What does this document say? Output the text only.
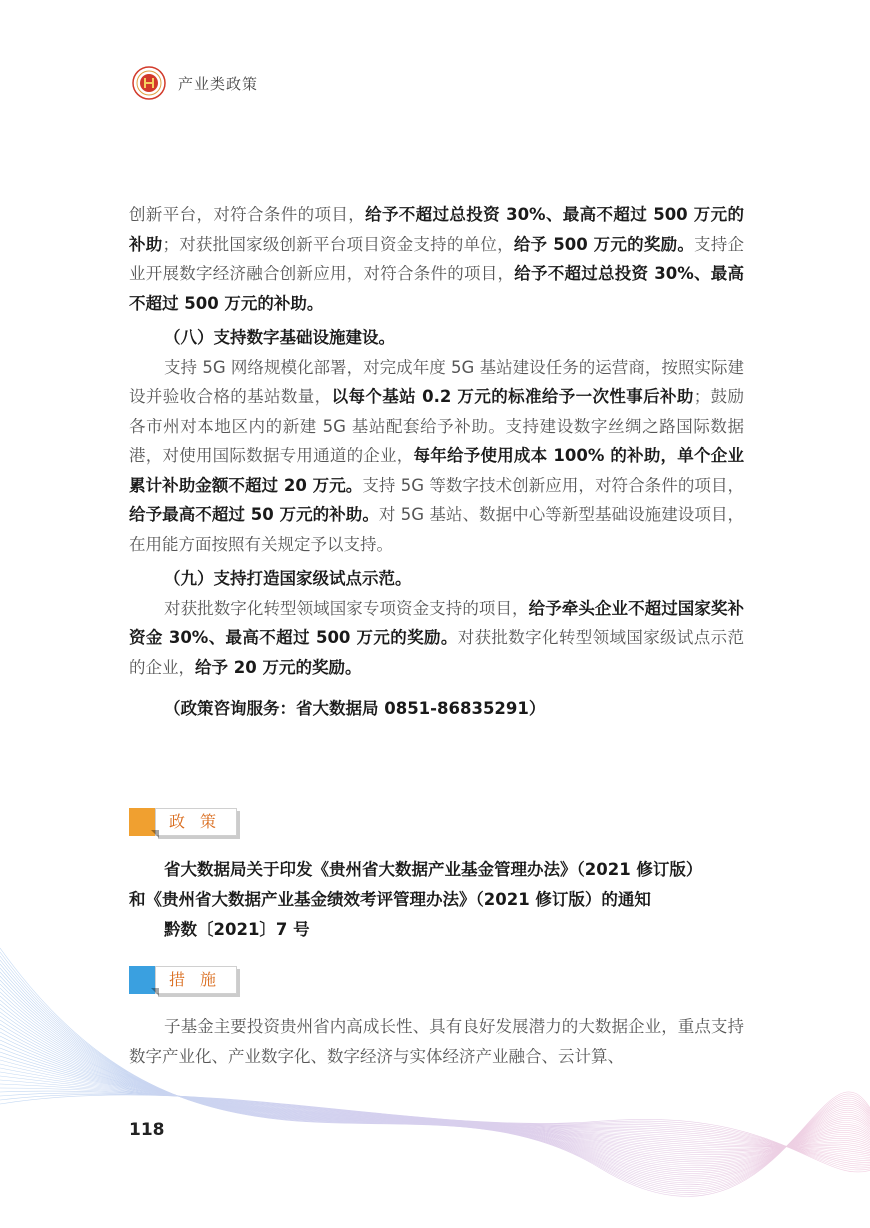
产业类政策

创新平台，对符合条件的项目，给予不超过总投资 30%、最高不超过 500 万元的补助；对获批国家级创新平台项目资金支持的单位，给予 500 万元的奖励。支持企业开展数字经济融合创新应用，对符合条件的项目，给予不超过总投资 30%、最高不超过 500 万元的补助。

（八）支持数字基础设施建设。

支持 5G 网络规模化部署，对完成年度 5G 基站建设任务的运营商，按照实际建设并验收合格的基站数量，以每个基站 0.2 万元的标准给予一次性事后补助；鼓励各市州对本地区内的新建 5G 基站配套给予补助。支持建设数字丝绸之路国际数据港，对使用国际数据专用通道的企业，每年给予使用成本 100% 的补助，单个企业累计补助金额不超过 20 万元。支持 5G 等数字技术创新应用，对符合条件的项目，给予最高不超过 50 万元的补助。对 5G 基站、数据中心等新型基础设施建设项目，在用能方面按照有关规定予以支持。

（九）支持打造国家级试点示范。

对获批数字化转型领域国家专项资金支持的项目，给予牵头企业不超过国家奖补资金 30%、最高不超过 500 万元的奖励。对获批数字化转型领域国家级试点示范的企业，给予 20 万元的奖励。

（政策咨询服务：省大数据局 0851-86835291）

政 策
省大数据局关于印发《贵州省大数据产业基金管理办法》（2021 修订版）
和《贵州省大数据产业基金绩效考评管理办法》（2021 修订版）的通知
黔数〔2021〕7 号
措 施

子基金主要投资贵州省内高成长性、具有良好发展潜力的大数据企业，重点支持数字产业化、产业数字化、数字经济与实体经济产业融合、云计算、

118
